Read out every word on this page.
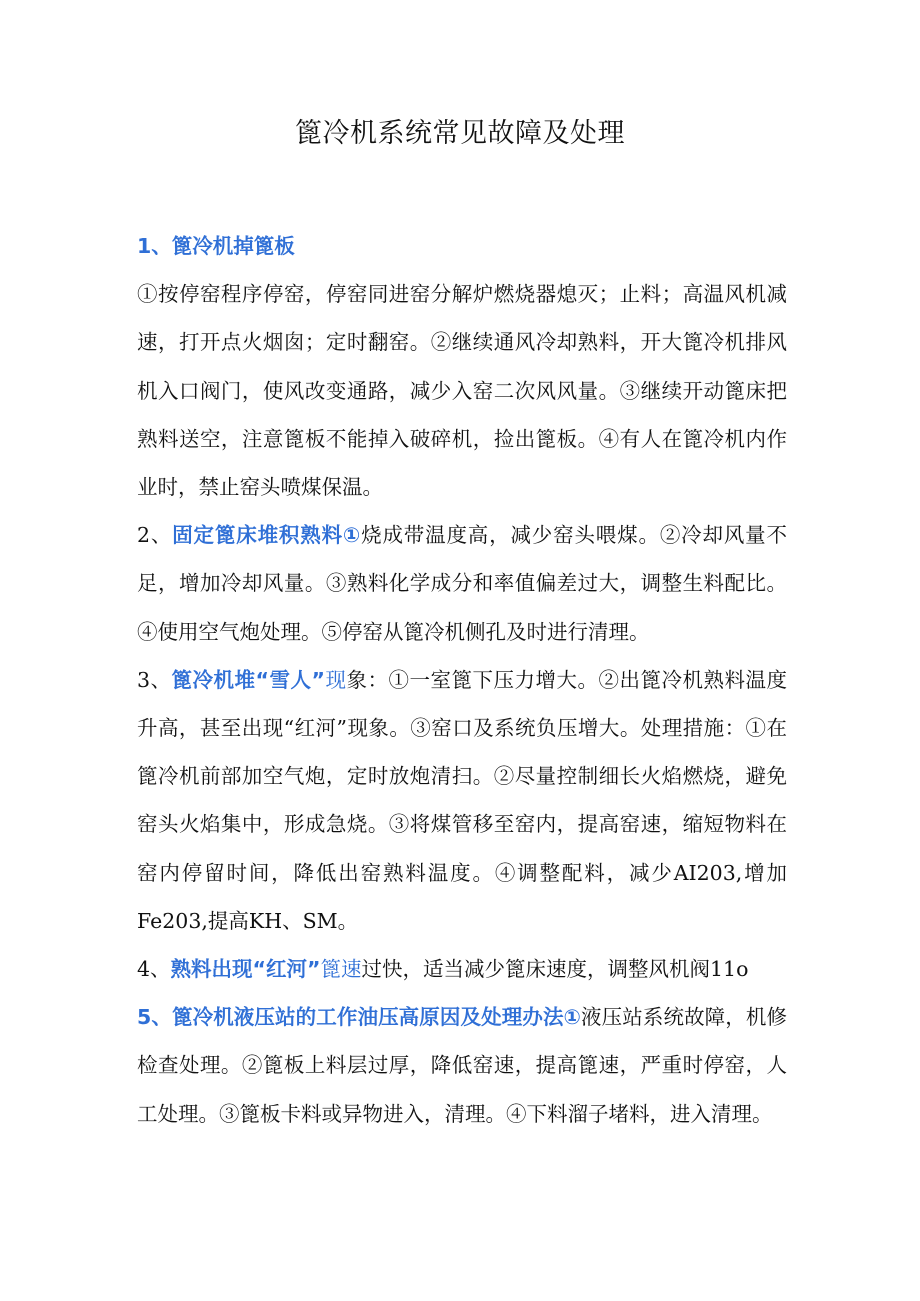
篦冷机系统常见故障及处理

1、篦冷机掉篦板
①按停窑程序停窑，停窑同进窑分解炉燃烧器熄灭；止料；高温风机减速，打开点火烟囱；定时翻窑。②继续通风冷却熟料，开大篦冷机排风机入口阀门，使风改变通路，减少入窑二次风风量。③继续开动篦床把熟料送空，注意篦板不能掉入破碎机，捡出篦板。④有人在篦冷机内作业时，禁止窑头喷煤保温。

2、固定篦床堆积熟料①烧成带温度高，减少窑头喂煤。②冷却风量不足，增加冷却风量。③熟料化学成分和率值偏差过大，调整生料配比。④使用空气炮处理。⑤停窑从篦冷机侧孔及时进行清理。

3、篦冷机堆“雪人”现象：①一室篦下压力增大。②出篦冷机熟料温度升高，甚至出现“红河”现象。③窑口及系统负压增大。处理措施：①在篦冷机前部加空气炮，定时放炮清扫。②尽量控制细长火焰燃烧，避免窑头火焰集中，形成急烧。③将煤管移至窑内，提高窑速，缩短物料在窑内停留时间，降低出窑熟料温度。④调整配料，减少AI203,增加Fe203,提高KH、SM。

4、熟料出现“红河”篦速过快，适当减少篦床速度，调整风机阀11o

5、篦冷机液压站的工作油压高原因及处理办法①液压站系统故障，机修检查处理。②篦板上料层过厚，降低窑速，提高篦速，严重时停窑，人工处理。③篦板卡料或异物进入，清理。④下料溜子堵料，进入清理。
